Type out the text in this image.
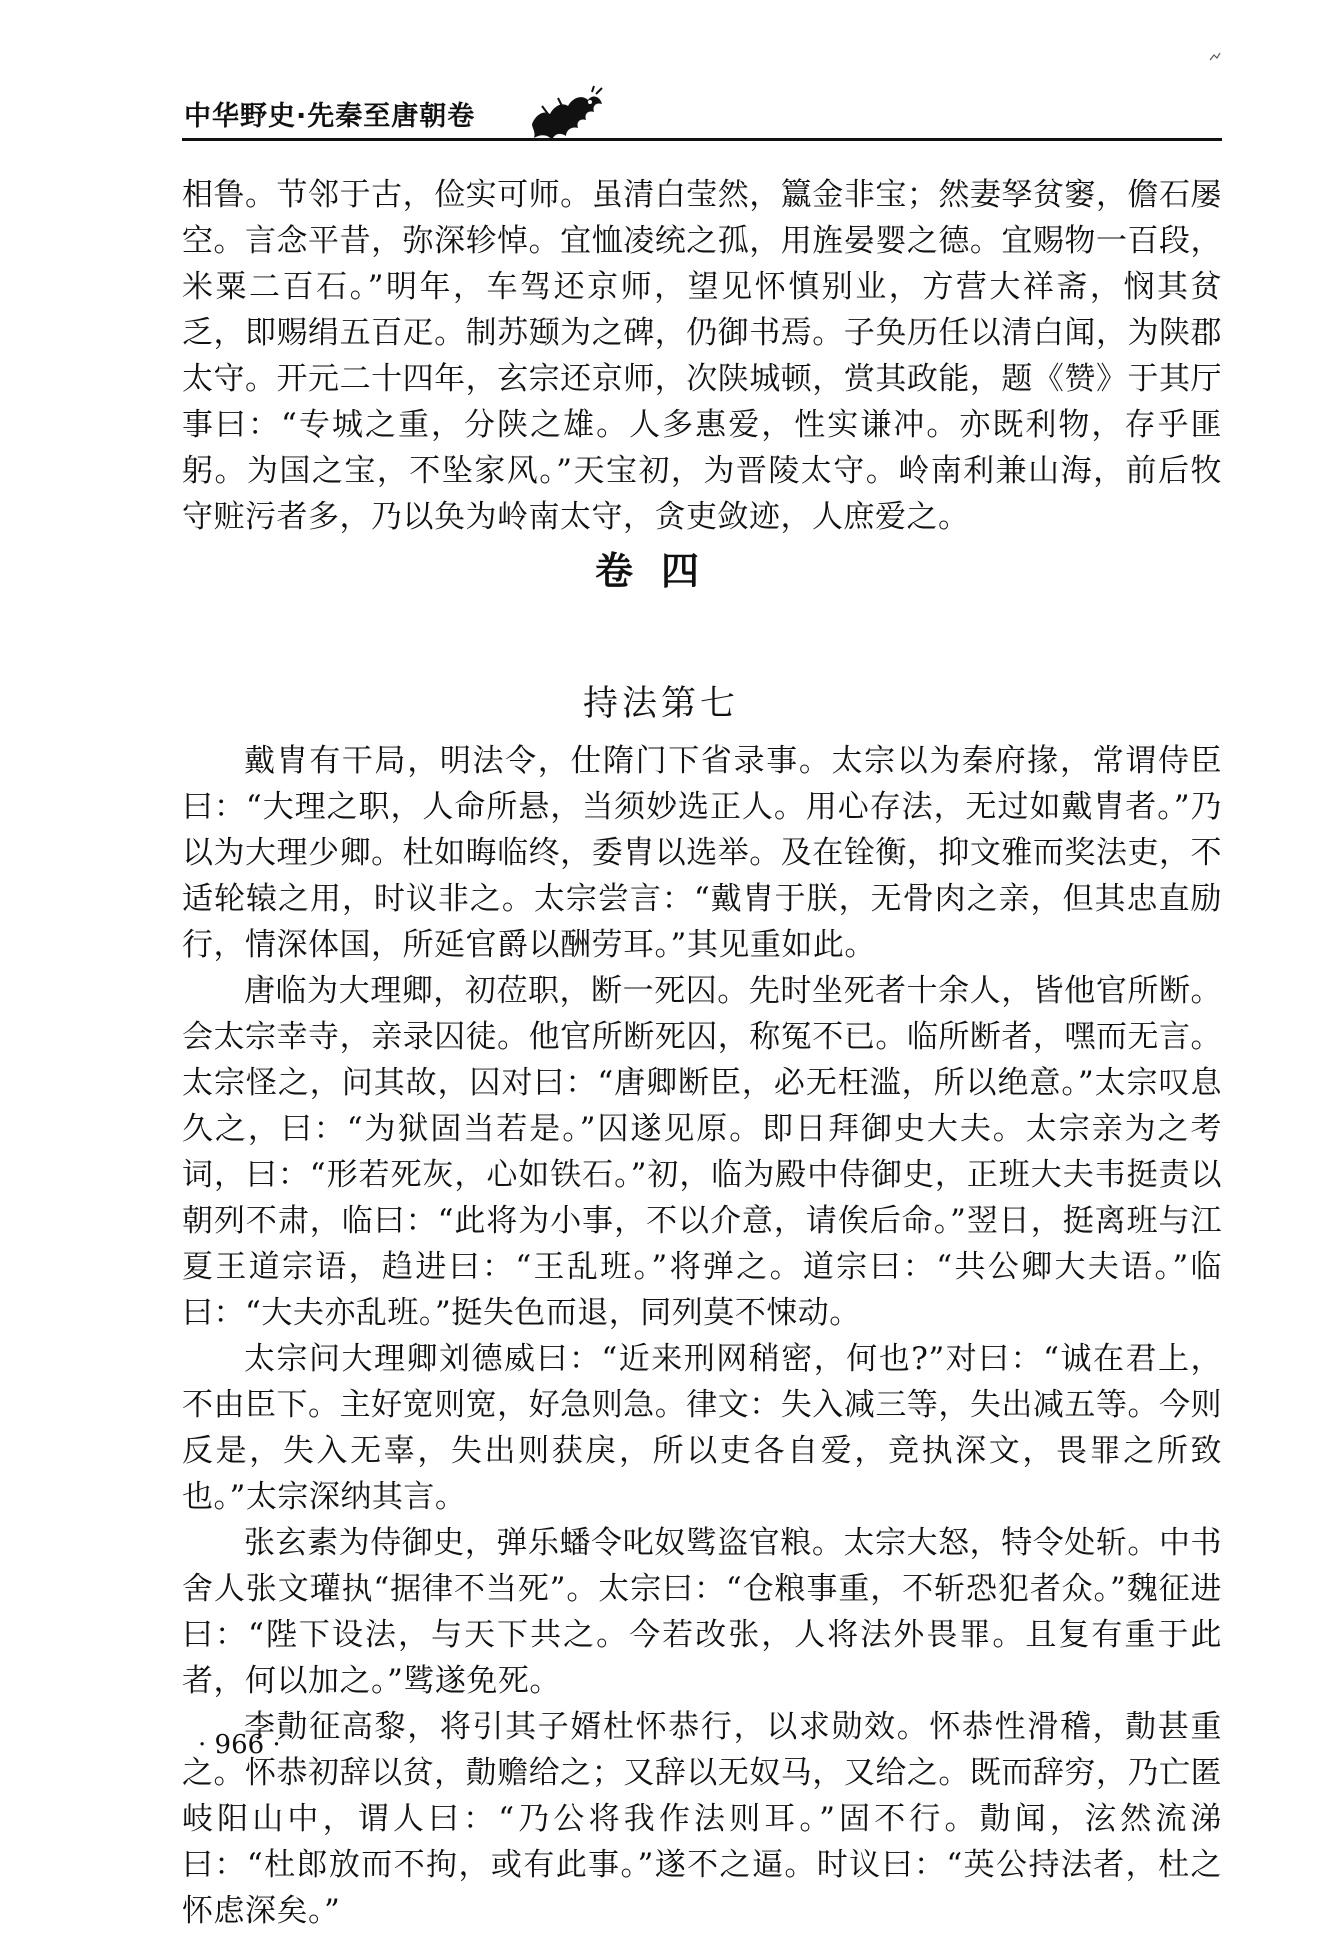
中华野史·先秦至唐朝卷

相鲁。节邻于古，俭实可师。虽清白莹然，籝金非宝；然妻孥贫窭，儋石屡空。言念平昔，弥深轸悼。宜恤凌统之孤，用旌晏婴之德。宜赐物一百段，米粟二百石。”明年，车驾还京师，望见怀慎别业，方营大祥斋，悯其贫乏，即赐绢五百疋。制苏颋为之碑，仍御书焉。子奂历任以清白闻，为陕郡太守。开元二十四年，玄宗还京师，次陕城顿，赏其政能，题《赞》于其厅事曰：“专城之重，分陕之雄。人多惠爱，性实谦冲。亦既利物，存乎匪躬。为国之宝，不坠家风。”天宝初，为晋陵太守。岭南利兼山海，前后牧守赃污者多，乃以奂为岭南太守，贪吏敛迹，人庶爱之。

卷四
持法第七

戴胄有干局，明法令，仕隋门下省录事。太宗以为秦府掾，常谓侍臣曰：“大理之职，人命所悬，当须妙选正人。用心存法，无过如戴胄者。”乃以为大理少卿。杜如晦临终，委胄以选举。及在铨衡，抑文雅而奖法吏，不适轮辕之用，时议非之。太宗尝言：“戴胄于朕，无骨肉之亲，但其忠直励行，情深体国，所延官爵以酬劳耳。”其见重如此。

唐临为大理卿，初莅职，断一死囚。先时坐死者十余人，皆他官所断。会太宗幸寺，亲录囚徒。他官所断死囚，称冤不已。临所断者，嘿而无言。太宗怪之，问其故，囚对曰：“唐卿断臣，必无枉滥，所以绝意。”太宗叹息久之，曰：“为狱固当若是。”囚遂见原。即日拜御史大夫。太宗亲为之考词，曰：“形若死灰，心如铁石。”初，临为殿中侍御史，正班大夫韦挺责以朝列不肃，临曰：“此将为小事，不以介意，请俟后命。”翌日，挺离班与江夏王道宗语，趋进曰：“王乱班。”将弹之。道宗曰：“共公卿大夫语。”临曰：“大夫亦乱班。”挺失色而退，同列莫不悚动。

太宗问大理卿刘德威曰：“近来刑网稍密，何也?”对曰：“诚在君上，不由臣下。主好宽则宽，好急则急。律文：失入减三等，失出减五等。今则反是，失入无辜，失出则获戾，所以吏各自爱，竞执深文，畏罪之所致也。”太宗深纳其言。

张玄素为侍御史，弹乐蟠令叱奴骘盗官粮。太宗大怒，特令处斩。中书舍人张文瓘执“据律不当死”。太宗曰：“仓粮事重，不斩恐犯者众。”魏征进曰：“陛下设法，与天下共之。今若改张，人将法外畏罪。且复有重于此者，何以加之。”骘遂免死。

李勣征高黎，将引其子婿杜怀恭行，以求勋效。怀恭性滑稽，勣甚重之。怀恭初辞以贫，勣赡给之；又辞以无奴马，又给之。既而辞穷，乃亡匿岐阳山中，谓人曰：“乃公将我作法则耳。”固不行。勣闻，泫然流涕曰：“杜郎放而不拘，或有此事。”遂不之逼。时议曰：“英公持法者，杜之怀虑深矣。”

· 966 ·
